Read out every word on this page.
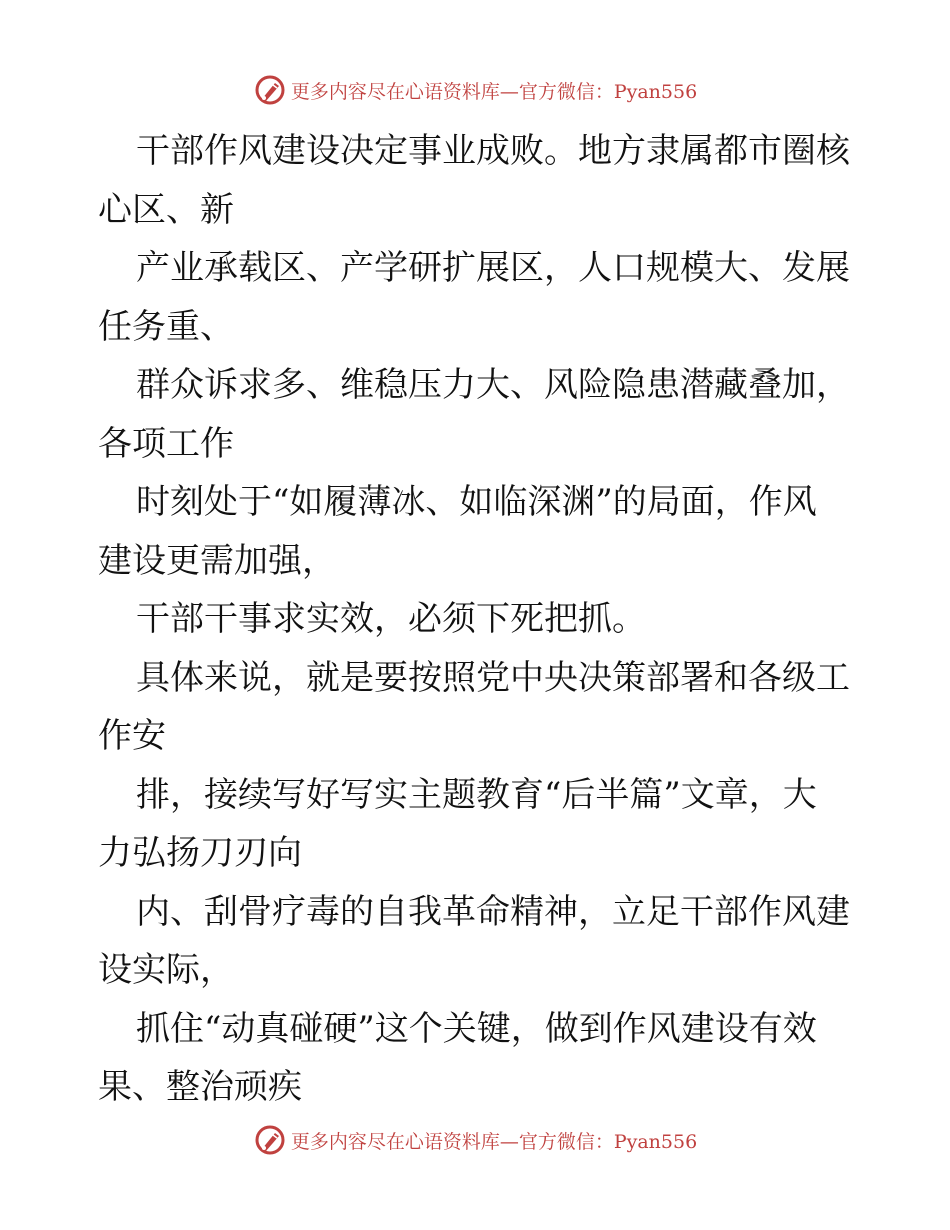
更多内容尽在心语资料库—官方微信：Pyan556
干部作风建设决定事业成败。地方隶属都市圈核
心区、新
产业承载区、产学研扩展区，人口规模大、发展
任务重、
群众诉求多、维稳压力大、风险隐患潜藏叠加，
各项工作
时刻处于“如履薄冰、如临深渊”的局面，作风
建设更需加强，
干部干事求实效，必须下死把抓。
具体来说，就是要按照党中央决策部署和各级工
作安
排，接续写好写实主题教育“后半篇”文章，大
力弘扬刀刃向
内、刮骨疗毒的自我革命精神，立足干部作风建
设实际，
抓住“动真碰硬”这个关键，做到作风建设有效
果、整治顽疾
更多内容尽在心语资料库—官方微信：Pyan556
